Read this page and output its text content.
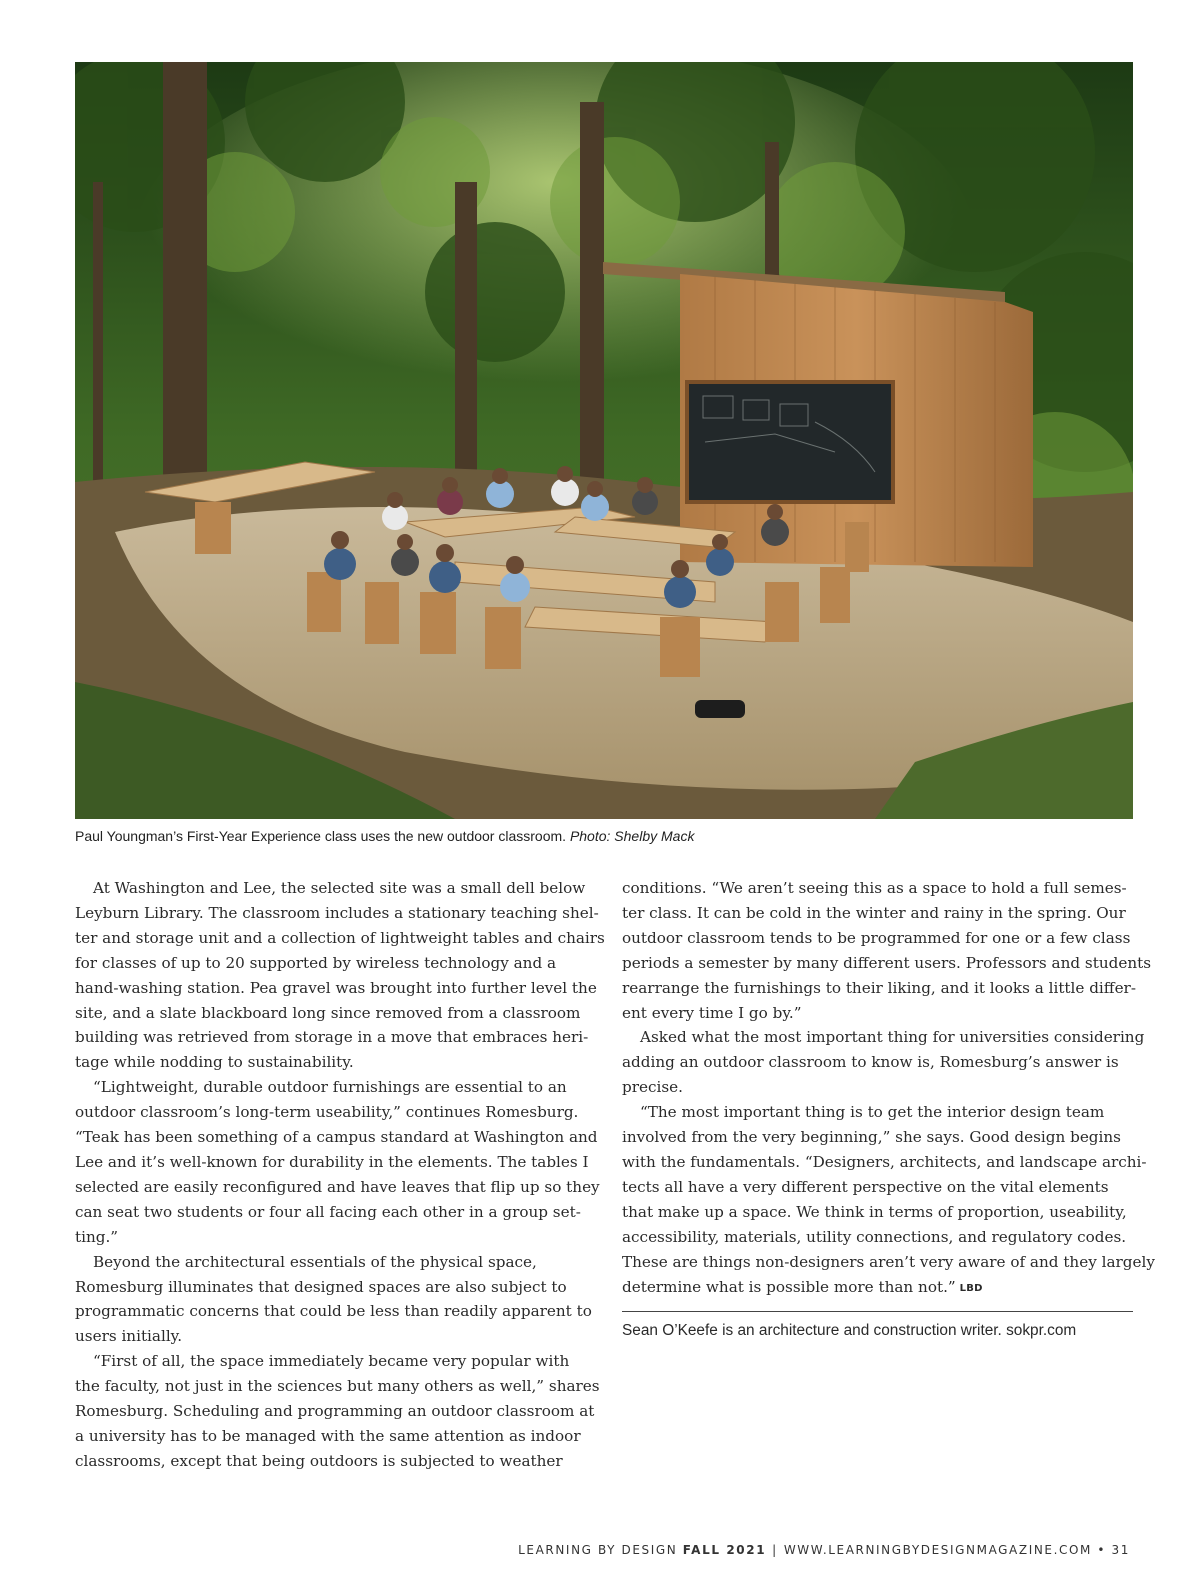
Paul Youngman’s First-Year Experience class uses the new outdoor classroom. Photo: Shelby Mack
At Washington and Lee, the selected site was a small dell below
Leyburn Library. The classroom includes a stationary teaching shel-
ter and storage unit and a collection of lightweight tables and chairs
for classes of up to 20 supported by wireless technology and a
hand-washing station. Pea gravel was brought into further level the
site, and a slate blackboard long since removed from a classroom
building was retrieved from storage in a move that embraces heri-
tage while nodding to sustainability.
“Lightweight, durable outdoor furnishings are essential to an
outdoor classroom’s long-term useability,” continues Romesburg.
“Teak has been something of a campus standard at Washington and
Lee and it’s well-known for durability in the elements. The tables I
selected are easily reconfigured and have leaves that flip up so they
can seat two students or four all facing each other in a group set-
ting.”
Beyond the architectural essentials of the physical space,
Romesburg illuminates that designed spaces are also subject to
programmatic concerns that could be less than readily apparent to
users initially.
“First of all, the space immediately became very popular with
the faculty, not just in the sciences but many others as well,” shares
Romesburg. Scheduling and programming an outdoor classroom at
a university has to be managed with the same attention as indoor
classrooms, except that being outdoors is subjected to weather
conditions. “We aren’t seeing this as a space to hold a full semes-
ter class. It can be cold in the winter and rainy in the spring. Our
outdoor classroom tends to be programmed for one or a few class
periods a semester by many different users. Professors and students
rearrange the furnishings to their liking, and it looks a little differ-
ent every time I go by.”
Asked what the most important thing for universities considering
adding an outdoor classroom to know is, Romesburg’s answer is
precise.
“The most important thing is to get the interior design team
involved from the very beginning,” she says. Good design begins
with the fundamentals. “Designers, architects, and landscape archi-
tects all have a very different perspective on the vital elements
that make up a space. We think in terms of proportion, useability,
accessibility, materials, utility connections, and regulatory codes.
These are things non-designers aren’t very aware of and they largely
determine what is possible more than not.” LBD
Sean O’Keefe is an architecture and construction writer. sokpr.com
LEARNING BY DESIGN FALL 2021 | WWW.LEARNINGBYDESIGNMAGAZINE.COM • 31
